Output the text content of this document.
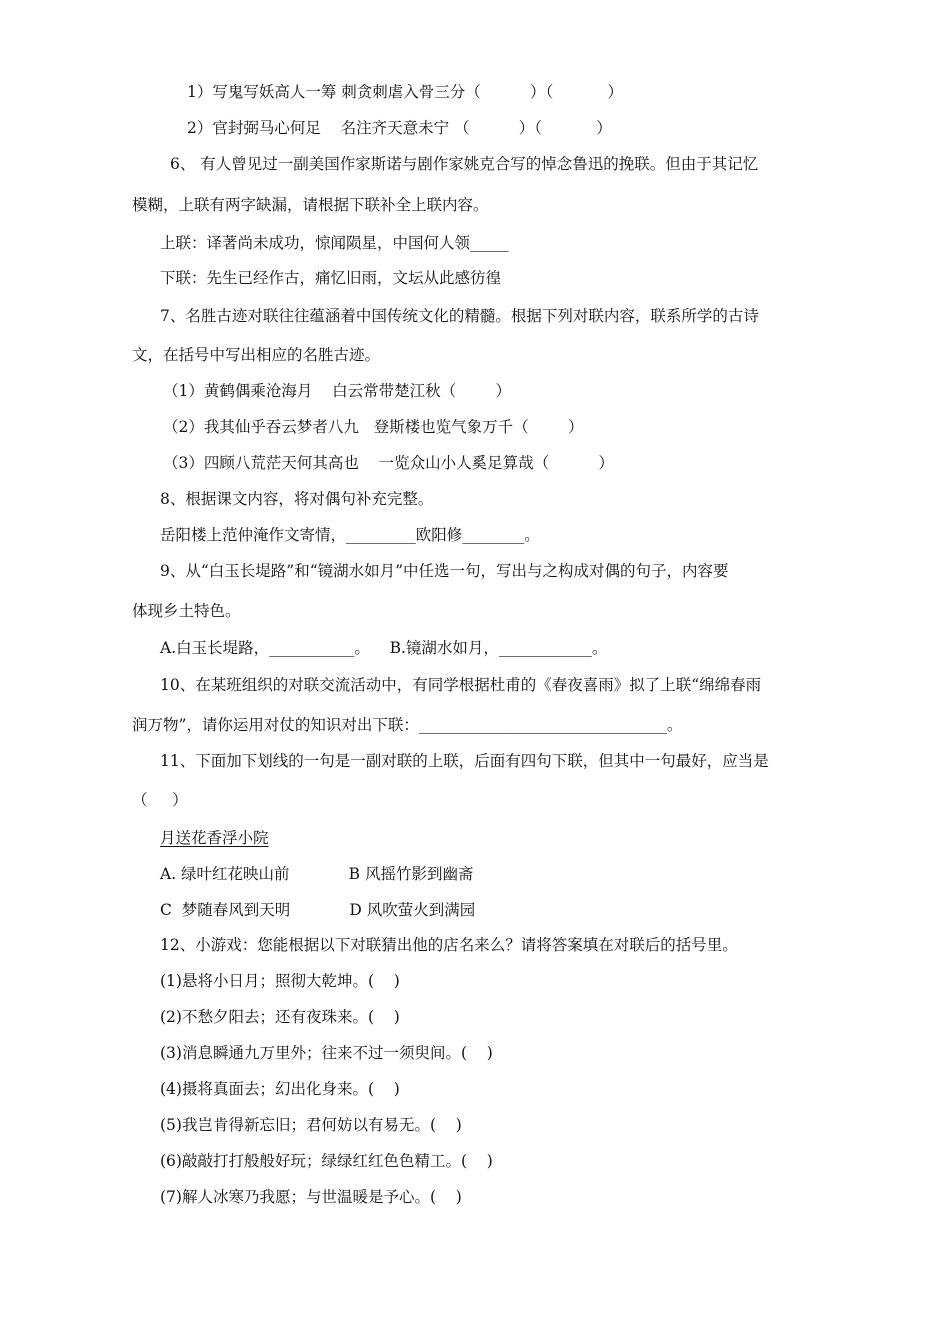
1）写鬼写妖高人一筹 刺贪刺虐入骨三分（          ）（           ）
2）官封弼马心何足    名注齐天意未宁 （          ）（           ）
6、 有人曾见过一副美国作家斯诺与剧作家姚克合写的悼念鲁迅的挽联。但由于其记忆
模糊，上联有两字缺漏，请根据下联补全上联内容。
上联：译著尚未成功，惊闻陨星，中国何人领_____
下联：先生已经作古，痛忆旧雨，文坛从此感彷徨
7、名胜古迹对联往往蕴涵着中国传统文化的精髓。根据下列对联内容，联系所学的古诗
文，在括号中写出相应的名胜古迹。
（1）黄鹤偶乘沧海月    白云常带楚江秋（        ）
（2）我其仙乎吞云梦者八九   登斯楼也览气象万千（        ）
（3）四顾八荒茫天何其高也    一览众山小人奚足算哉（          ）
8、根据课文内容，将对偶句补充完整。
岳阳楼上范仲淹作文寄情，_________欧阳修________。
9、从“白玉长堤路”和“镜湖水如月”中任选一句，写出与之构成对偶的句子，内容要
体现乡土特色。
A.白玉长堤路，___________。    B.镜湖水如月，____________。
10、在某班组织的对联交流活动中，有同学根据杜甫的《春夜喜雨》拟了上联“绵绵春雨
润万物”，请你运用对仗的知识对出下联：________________________________。
11、下面加下划线的一句是一副对联的上联，后面有四句下联，但其中一句最好，应当是
（     ）
月送花香浮小院
A. 绿叶红花映山前            B 风摇竹影到幽斋
C  梦随春风到天明            D 风吹萤火到满园
12、小游戏：您能根据以下对联猜出他的店名来么？请将答案填在对联后的括号里。
(1)悬将小日月；照彻大乾坤。(    )
(2)不愁夕阳去；还有夜珠来。(    )
(3)消息瞬通九万里外；往来不过一须臾间。(    )
(4)摄将真面去；幻出化身来。(    )
(5)我岂肯得新忘旧；君何妨以有易无。(    )
(6)敲敲打打般般好玩；绿绿红红色色精工。(    )
(7)解人冰寒乃我愿；与世温暖是予心。(    )
